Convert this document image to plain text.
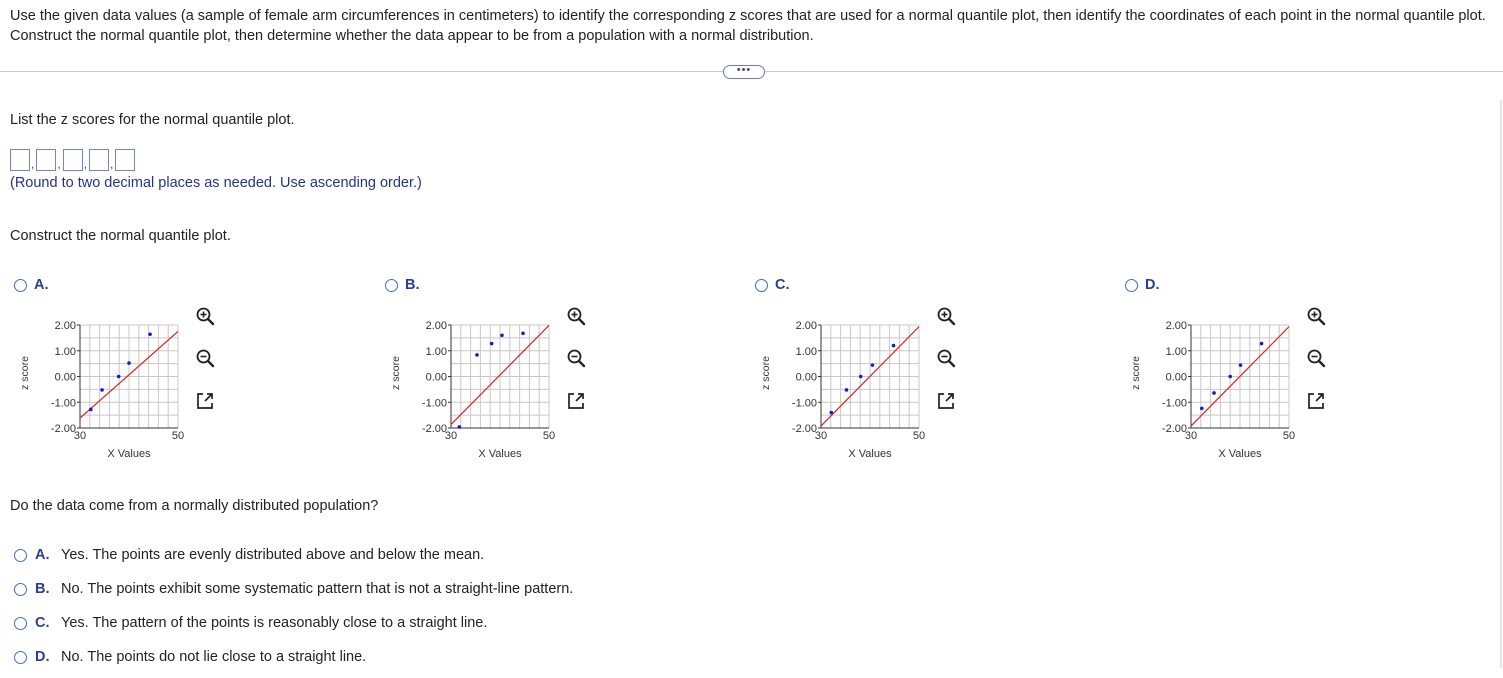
Use the given data values (a sample of female arm circumferences in centimeters) to identify the corresponding z scores that are used for a normal quantile plot, then identify the coordinates of each point in the normal quantile plot. Construct the normal quantile plot, then determine whether the data appear to be from a population with a normal distribution.
•••
List the z scores for the normal quantile plot.
, , , ,
(Round to two decimal places as needed. Use ascending order.)
Construct the normal quantile plot.
A.
z score
2.00
1.00
0.00
-1.00
-2.00
30	50
X Values
B.
z score
2.00
1.00
0.00
-1.00
-2.00
30	50
X Values
C.
z score
2.00
1.00
0.00
-1.00
-2.00
30	50
X Values
D.
z score
2.00
1.00
0.00
-1.00
-2.00
30	50
X Values
Do the data come from a normally distributed population?
A. Yes. The points are evenly distributed above and below the mean.
B. No. The points exhibit some systematic pattern that is not a straight-line pattern.
C. Yes. The pattern of the points is reasonably close to a straight line.
D. No. The points do not lie close to a straight line.
